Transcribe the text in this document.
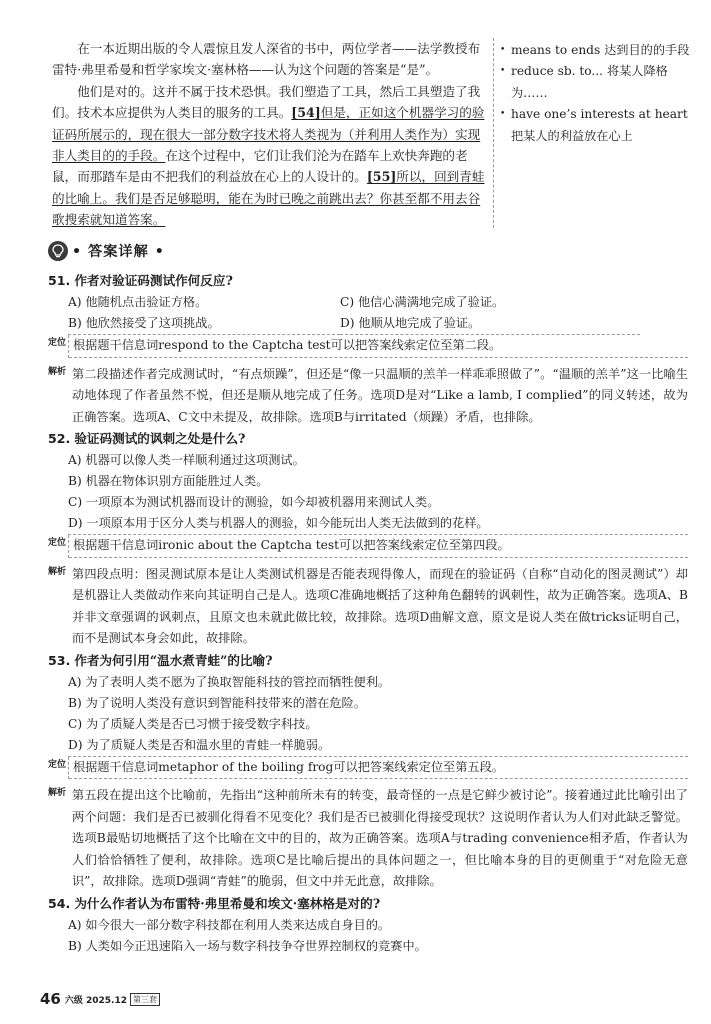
在一本近期出版的令人震惊且发人深省的书中，两位学者——法学教授布雷特·弗里希曼和哲学家埃文·塞林格——认为这个问题的答案是“是”。

他们是对的。这并不属于技术恐惧。我们塑造了工具，然后工具塑造了我们。技术本应提供为人类目的服务的工具。[54]但是，正如这个机器学习的验证码所展示的，现在很大一部分数字技术将人类视为（并利用人类作为）实现非人类目的的手段。在这个过程中，它们让我们沦为在踏车上欢快奔跑的老鼠，而那踏车是由不把我们的利益放在心上的人设计的。[55]所以，回到青蛙的比喻上。我们是否足够聪明，能在为时已晚之前跳出去？你甚至都不用去谷歌搜索就知道答案。

• means to ends 达到目的的手段
• reduce sb. to... 将某人降格为……
• have one’s interests at heart 把某人的利益放在心上
• 答案详解 •
51. 作者对验证码测试作何反应?
A) 他随机点击验证方格。	C) 他信心满满地完成了验证。
B) 他欣然接受了这项挑战。	D) 他顺从地完成了验证。
定位 根据题干信息词respond to the Captcha test可以把答案线索定位至第二段。
解析 第二段描述作者完成测试时，“有点烦躁”，但还是“像一只温顺的羔羊一样乖乖照做了”。“温顺的羔羊”这一比喻生动地体现了作者虽然不悦，但还是顺从地完成了任务。选项D是对“Like a lamb, I complied”的同义转述，故为正确答案。选项A、C文中未提及，故排除。选项B与irritated（烦躁）矛盾，也排除。
52. 验证码测试的讽刺之处是什么?
A) 机器可以像人类一样顺利通过这项测试。
B) 机器在物体识别方面能胜过人类。
C) 一项原本为测试机器而设计的测验，如今却被机器用来测试人类。
D) 一项原本用于区分人类与机器人的测验，如今能玩出人类无法做到的花样。
定位 根据题干信息词ironic about the Captcha test可以把答案线索定位至第四段。
解析 第四段点明：图灵测试原本是让人类测试机器是否能表现得像人，而现在的验证码（自称“自动化的图灵测试”）却是机器让人类做动作来向其证明自己是人。选项C准确地概括了这种角色翻转的讽刺性，故为正确答案。选项A、B并非文章强调的讽刺点，且原文也未就此做比较，故排除。选项D曲解文意，原文是说人类在做tricks证明自己，而不是测试本身会如此，故排除。
53. 作者为何引用“温水煮青蛙”的比喻?
A) 为了表明人类不愿为了换取智能科技的管控而牺牲便利。
B) 为了说明人类没有意识到智能科技带来的潜在危险。
C) 为了质疑人类是否已习惯于接受数字科技。
D) 为了质疑人类是否和温水里的青蛙一样脆弱。
定位 根据题干信息词metaphor of the boiling frog可以把答案线索定位至第五段。
解析 第五段在提出这个比喻前，先指出“这种前所未有的转变，最奇怪的一点是它鲜少被讨论”。接着通过此比喻引出了两个问题：我们是否已被驯化得看不见变化？我们是否已被驯化得接受现状？这说明作者认为人们对此缺乏警觉。选项B最贴切地概括了这个比喻在文中的目的，故为正确答案。选项A与trading convenience相矛盾，作者认为人们恰恰牺牲了便利，故排除。选项C是比喻后提出的具体问题之一，但比喻本身的目的更侧重于“对危险无意识”，故排除。选项D强调“青蛙”的脆弱，但文中并无此意，故排除。
54. 为什么作者认为布雷特·弗里希曼和埃文·塞林格是对的?
A) 如今很大一部分数字科技都在利用人类来达成自身目的。
B) 人类如今正迅速陷入一场与数字科技争夺世界控制权的竞赛中。
46 六级 2025.12 第三套
